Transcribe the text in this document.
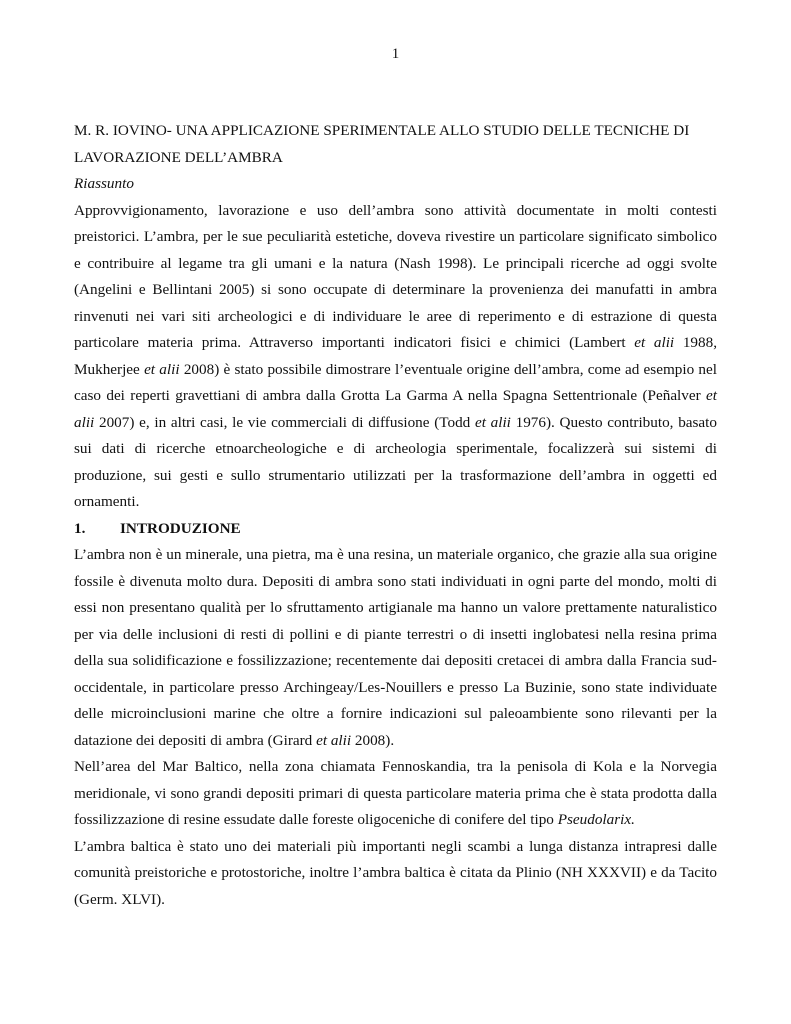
1

M. R. IOVINO- UNA APPLICAZIONE SPERIMENTALE ALLO STUDIO DELLE TECNICHE DI LAVORAZIONE DELL’AMBRA

Riassunto

Approvvigionamento, lavorazione e uso dell’ambra sono attività documentate in molti contesti preistorici. L’ambra, per le sue peculiarità estetiche, doveva rivestire un particolare significato simbolico e contribuire al legame tra gli umani e la natura (Nash 1998). Le principali ricerche ad oggi svolte (Angelini e Bellintani 2005) si sono occupate di determinare la provenienza dei manufatti in ambra rinvenuti nei vari siti archeologici e di individuare le aree di reperimento e di estrazione di questa particolare materia prima. Attraverso importanti indicatori fisici e chimici (Lambert et alii 1988, Mukherjee et alii 2008) è stato possibile dimostrare l’eventuale origine dell’ambra, come ad esempio nel caso dei reperti gravettiani di ambra dalla Grotta La Garma A nella Spagna Settentrionale (Peñalver et alii 2007) e, in altri casi, le vie commerciali di diffusione (Todd et alii 1976). Questo contributo, basato sui dati di ricerche etnoarcheologiche e di archeologia sperimentale, focalizzerà sui sistemi di produzione, sui gesti e sullo strumentario utilizzati per la trasformazione dell’ambra in oggetti ed ornamenti.

1.	INTRODUZIONE

L’ambra non è un minerale, una pietra, ma è una resina, un materiale organico, che grazie alla sua origine fossile è divenuta molto dura. Depositi di ambra sono stati individuati in ogni parte del mondo, molti di essi non presentano qualità per lo sfruttamento artigianale ma hanno un valore prettamente naturalistico per via delle inclusioni di resti di pollini e di piante terrestri o di insetti inglobatesi nella resina prima della sua solidificazione e fossilizzazione; recentemente dai depositi cretacei di ambra dalla Francia sud-occidentale, in particolare presso Archingeay/Les-Nouillers e presso La Buzinie, sono state individuate delle microinclusioni marine che oltre a fornire indicazioni sul paleoambiente sono rilevanti per la datazione dei depositi di ambra (Girard et alii 2008).

Nell’area del Mar Baltico, nella zona chiamata Fennoskandia, tra la penisola di Kola e la Norvegia meridionale, vi sono grandi depositi primari di questa particolare materia prima che è stata prodotta dalla fossilizzazione di resine essudate dalle foreste oligoceniche di conifere del tipo Pseudolarix.

L’ambra baltica è stato uno dei materiali più importanti negli scambi a lunga distanza intrapresi dalle comunità preistoriche e protostoriche, inoltre l’ambra baltica è citata da Plinio (NH XXXVII) e da Tacito (Germ. XLVI).
